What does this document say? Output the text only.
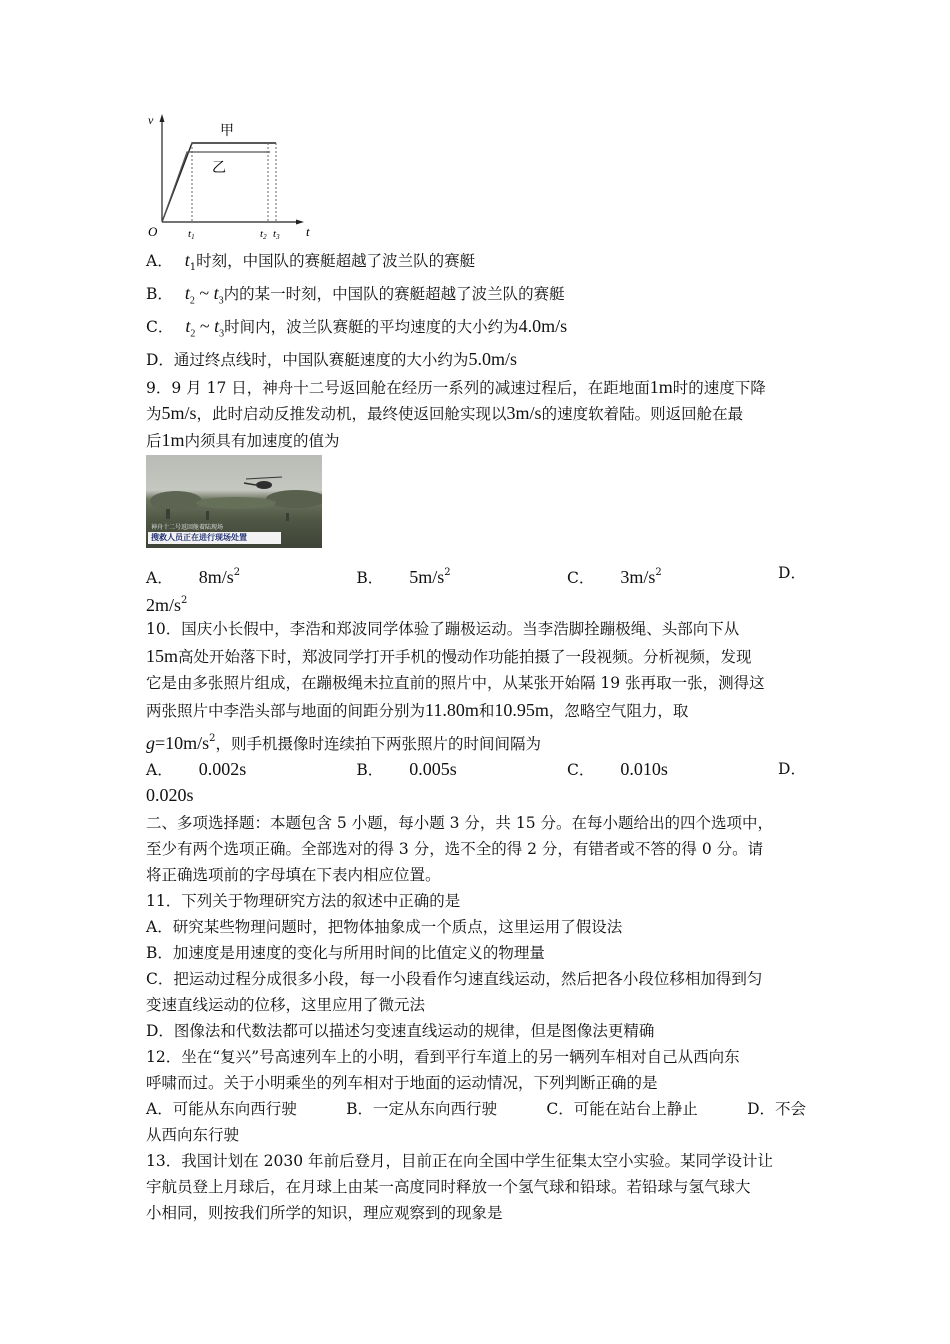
v
t
O
甲
乙
t1	t2 t3
A． $t_1$时刻，中国队的赛艇超越了波兰队的赛艇
B． $t_2$ ~ $t_3$内的某一时刻，中国队的赛艇超越了波兰队的赛艇
C． $t_2$ ~ $t_3$时间内，波兰队赛艇的平均速度的大小约为4.0m/s
D．通过终点线时，中国队赛艇速度的大小约为5.0m/s
9．9 月 17 日，神舟十二号返回舱在经历一系列的减速过程后，在距地面1m时的速度下降
为5m/s，此时启动反推发动机，最终使返回舱实现以3m/s的速度软着陆。则返回舱在最
后1m内须具有加速度的值为
神舟十二号返回舱着陆现场
搜救人员正在进行现场处置
A． $8m/s^2$	B． $5m/s^2$	C． $3m/s^2$	D．
$2m/s^2$
10．国庆小长假中，李浩和郑波同学体验了蹦极运动。当李浩脚拴蹦极绳、头部向下从
15m高处开始落下时，郑波同学打开手机的慢动作功能拍摄了一段视频。分析视频，发现
它是由多张照片组成，在蹦极绳未拉直前的照片中，从某张开始隔 19 张再取一张，测得这
两张照片中李浩头部与地面的间距分别为11.80m和10.95m，忽略空气阻力，取
$g=10m/s^2$，则手机摄像时连续拍下两张照片的时间间隔为
A． 0.002s	B． 0.005s	C． 0.010s	D．
0.020s
二、多项选择题：本题包含 5 小题，每小题 3 分，共 15 分。在每小题给出的四个选项中，
至少有两个选项正确。全部选对的得 3 分，选不全的得 2 分，有错者或不答的得 0 分。请
将正确选项前的字母填在下表内相应位置。
11．下列关于物理研究方法的叙述中正确的是
A．研究某些物理问题时，把物体抽象成一个质点，这里运用了假设法
B．加速度是用速度的变化与所用时间的比值定义的物理量
C．把运动过程分成很多小段，每一小段看作匀速直线运动，然后把各小段位移相加得到匀
变速直线运动的位移，这里应用了微元法
D．图像法和代数法都可以描述匀变速直线运动的规律，但是图像法更精确
12．坐在“复兴”号高速列车上的小明，看到平行车道上的另一辆列车相对自己从西向东
呼啸而过。关于小明乘坐的列车相对于地面的运动情况，下列判断正确的是
A．可能从东向西行驶	B．一定从东向西行驶	C．可能在站台上静止	D．不会
从西向东行驶
13．我国计划在 2030 年前后登月，目前正在向全国中学生征集太空小实验。某同学设计让
宇航员登上月球后，在月球上由某一高度同时释放一个氢气球和铅球。若铅球与氢气球大
小相同，则按我们所学的知识，理应观察到的现象是
